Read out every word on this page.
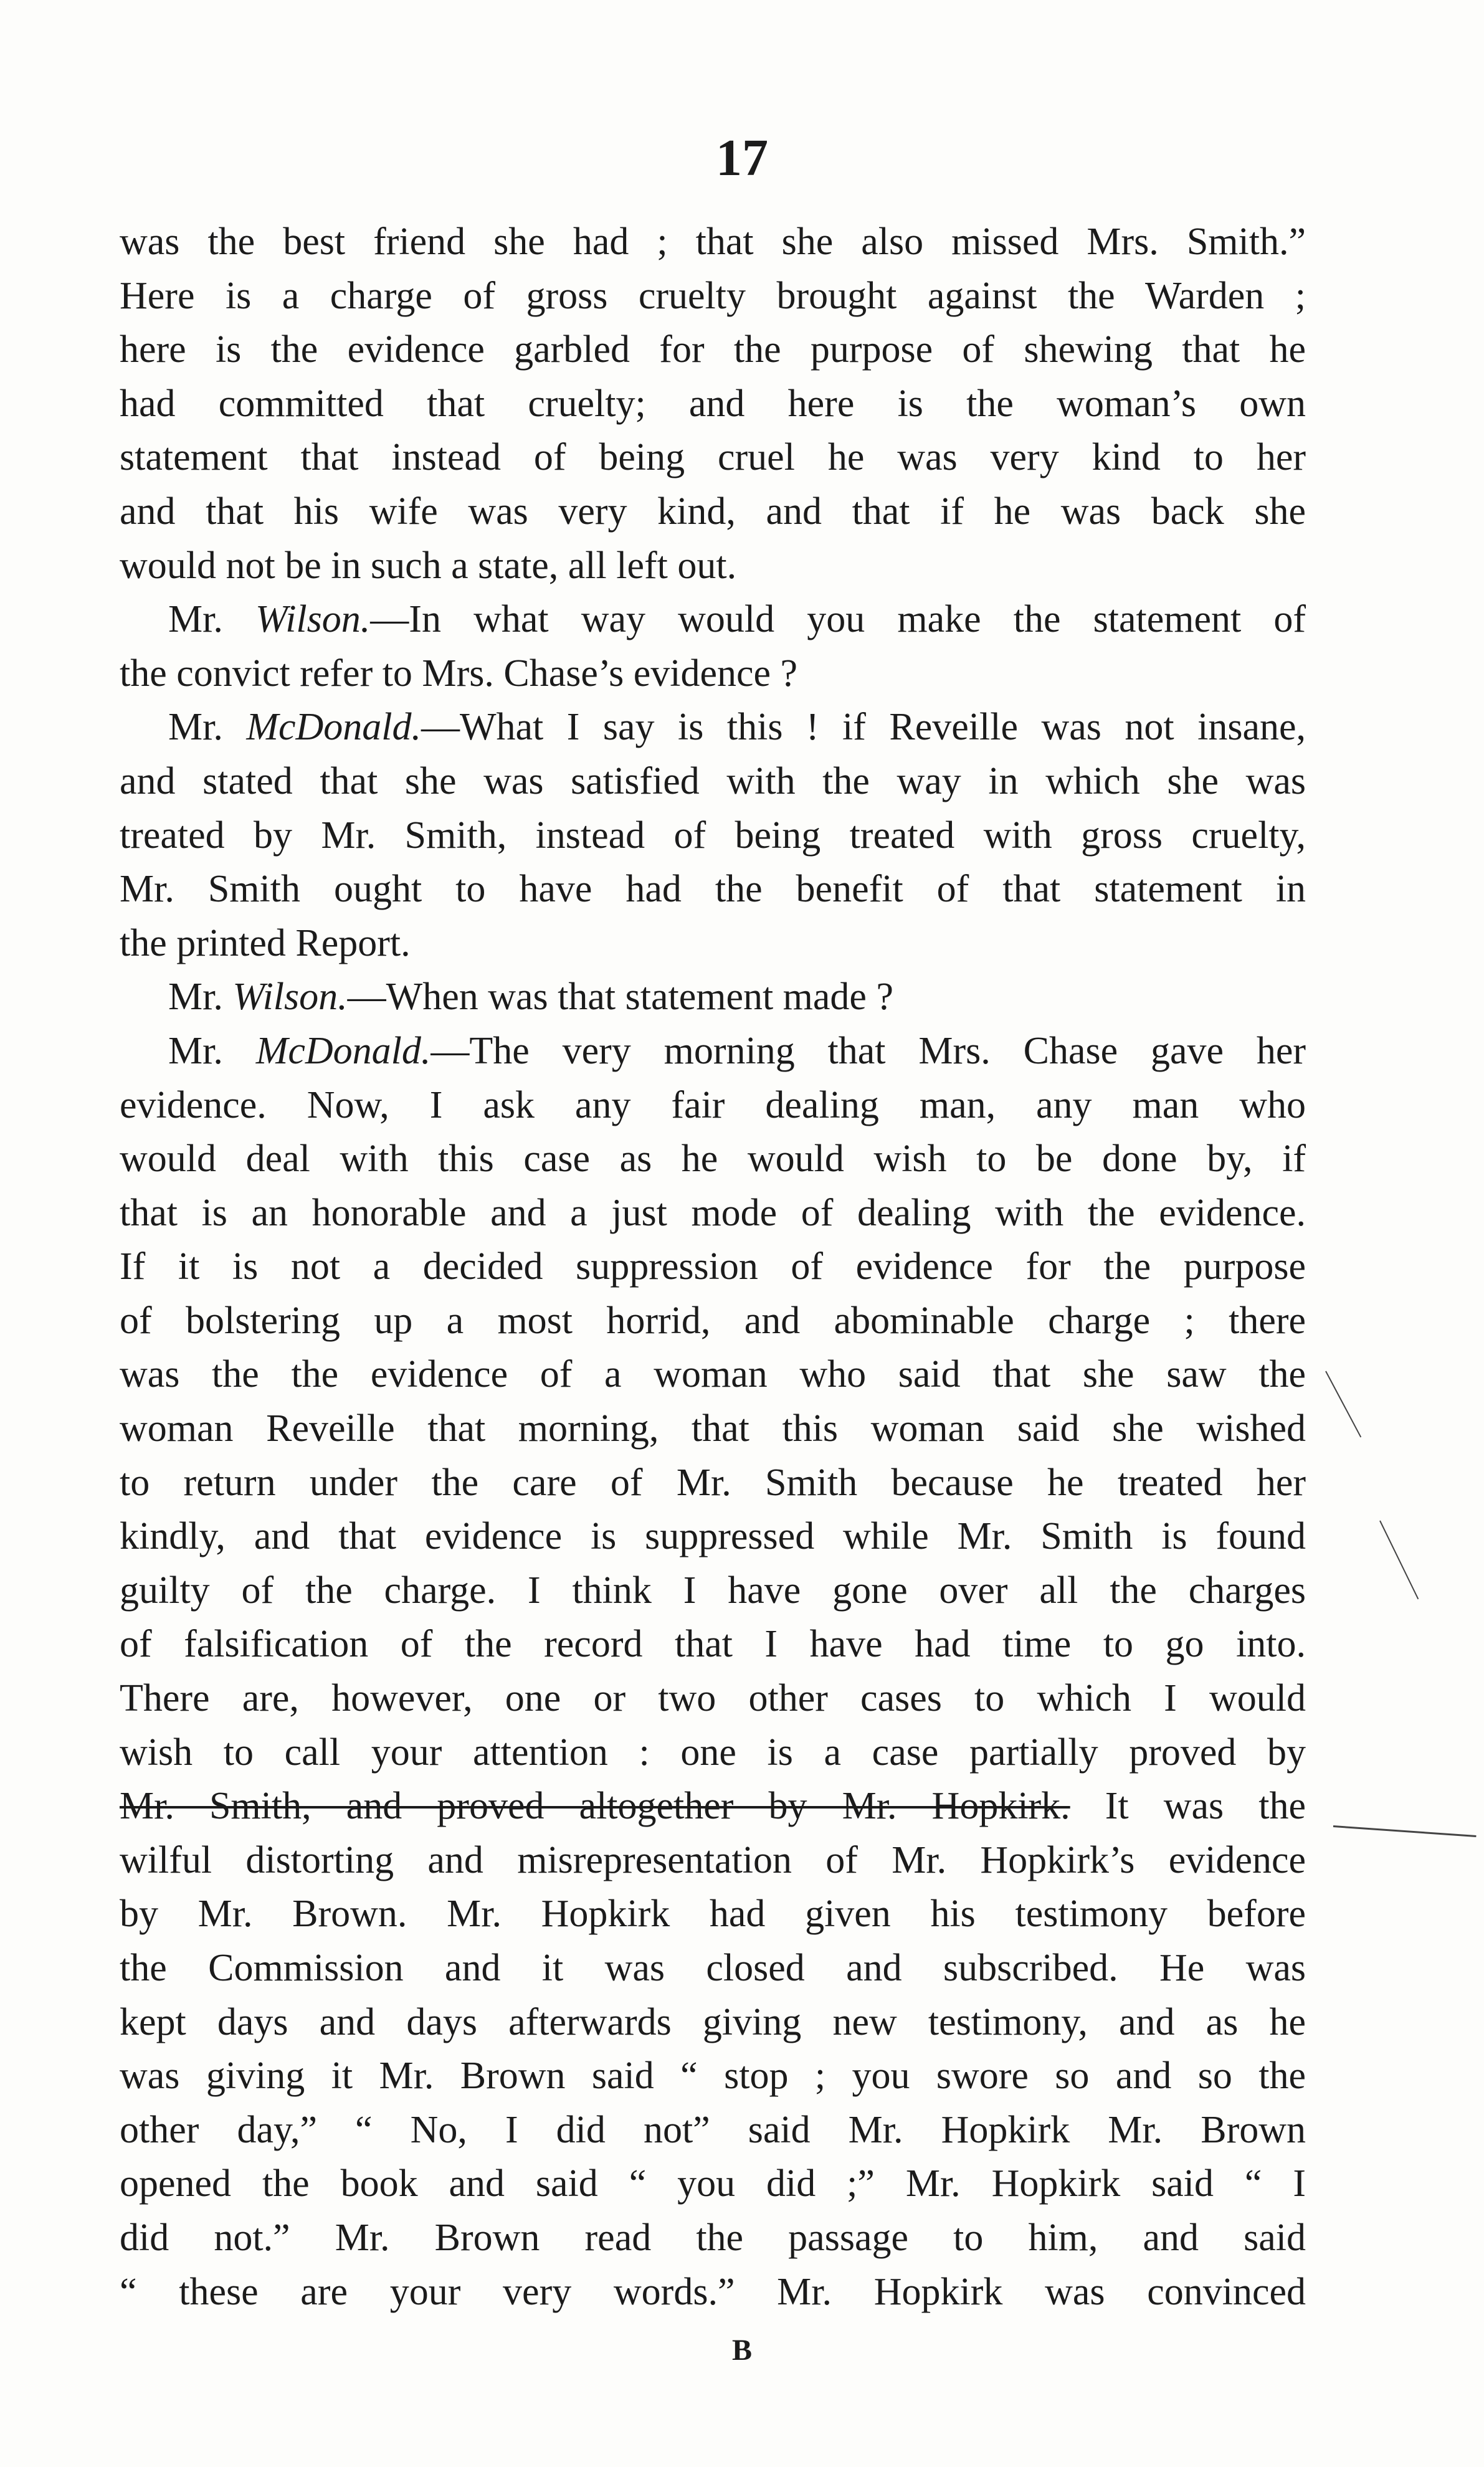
17
was the best friend she had ; that she also missed Mrs. Smith.”
Here is a charge of gross cruelty brought against the Warden ;
here is the evidence garbled for the purpose of shewing that he
had committed that cruelty; and here is the woman’s own
statement that instead of being cruel he was very kind to her
and that his wife was very kind, and that if he was back she
would not be in such a state, all left out.
Mr. Wilson.—In what way would you make the statement of
the convict refer to Mrs. Chase’s evidence ?
Mr. McDonald.—What I say is this ! if Reveille was not insane,
and stated that she was satisfied with the way in which she was
treated by Mr. Smith, instead of being treated with gross cruelty,
Mr. Smith ought to have had the benefit of that statement in
the printed Report.
Mr. Wilson.—When was that statement made ?
Mr. McDonald.—The very morning that Mrs. Chase gave her
evidence. Now, I ask any fair dealing man, any man who
would deal with this case as he would wish to be done by, if
that is an honorable and a just mode of dealing with the evidence.
If it is not a decided suppression of evidence for the purpose
of bolstering up a most horrid, and abominable charge ; there
was the the evidence of a woman who said that she saw the
woman Reveille that morning, that this woman said she wished
to return under the care of Mr. Smith because he treated her
kindly, and that evidence is suppressed while Mr. Smith is found
guilty of the charge. I think I have gone over all the charges
of falsification of the record that I have had time to go into.
There are, however, one or two other cases to which I would
wish to call your attention : one is a case partially proved by
Mr. Smith, and proved altogether by Mr. Hopkirk. It was the
wilful distorting and misrepresentation of Mr. Hopkirk’s evidence
by Mr. Brown. Mr. Hopkirk had given his testimony before
the Commission and it was closed and subscribed. He was
kept days and days afterwards giving new testimony, and as he
was giving it Mr. Brown said “ stop ; you swore so and so the
other day,” “ No, I did not” said Mr. Hopkirk Mr. Brown
opened the book and said “ you did ;” Mr. Hopkirk said “ I
did not.” Mr. Brown read the passage to him, and said
“ these are your very words.” Mr. Hopkirk was convinced
B
